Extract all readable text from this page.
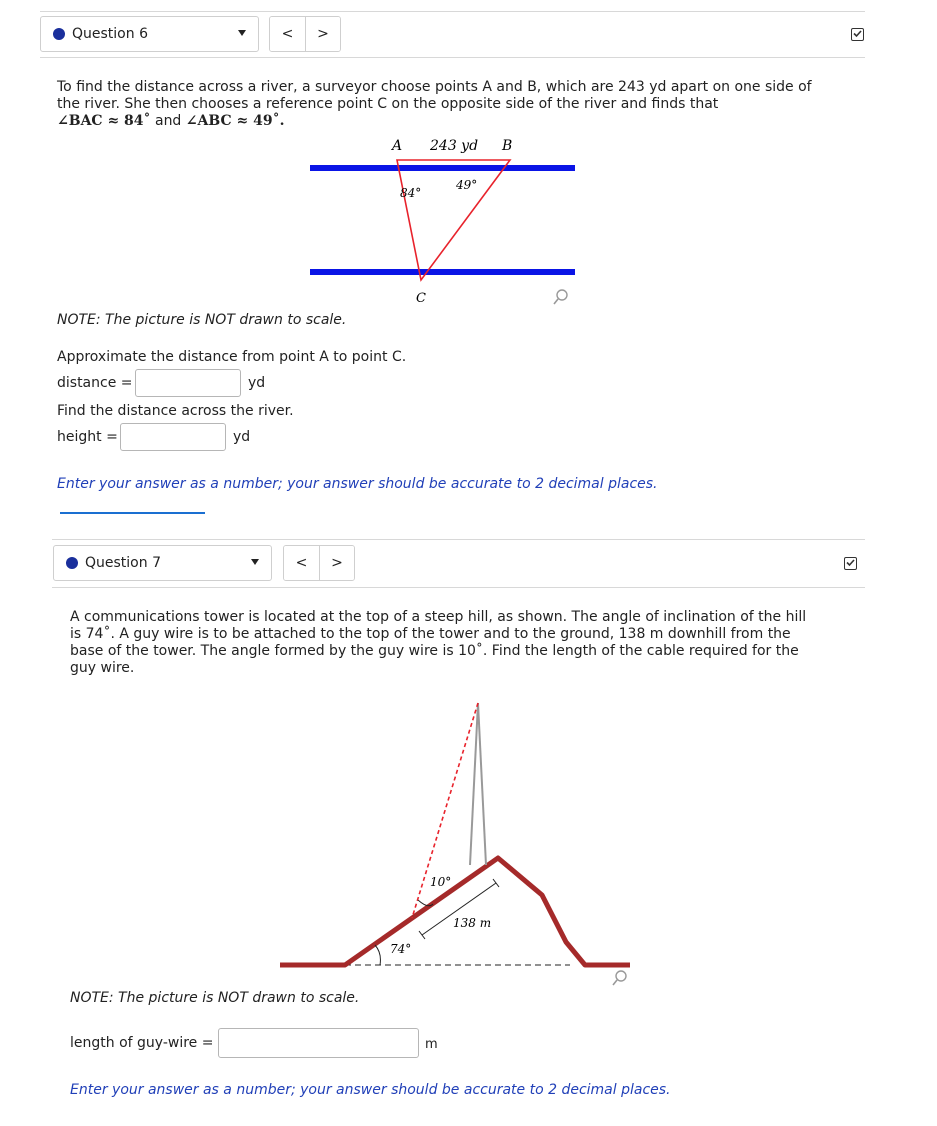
Question 6	<	>
To find the distance across a river, a surveyor choose points A and B, which are 243 yd apart on one side of
the river. She then chooses a reference point C on the opposite side of the river and finds that
∠BAC ≈ 84˚ and ∠ABC ≈ 49˚.
A 243 yd B
84°
49°
C
NOTE: The picture is NOT drawn to scale.
Approximate the distance from point A to point C.
distance =	yd
Find the distance across the river.
height =	yd
Enter your answer as a number; your answer should be accurate to 2 decimal places.
Question 7	<	>
A communications tower is located at the top of a steep hill, as shown. The angle of inclination of the hill
is 74˚. A guy wire is to be attached to the top of the tower and to the ground, 138 m downhill from the
base of the tower. The angle formed by the guy wire is 10˚. Find the length of the cable required for the
guy wire.
10°
138 m
74°
NOTE: The picture is NOT drawn to scale.
length of guy-wire =	m
Enter your answer as a number; your answer should be accurate to 2 decimal places.
